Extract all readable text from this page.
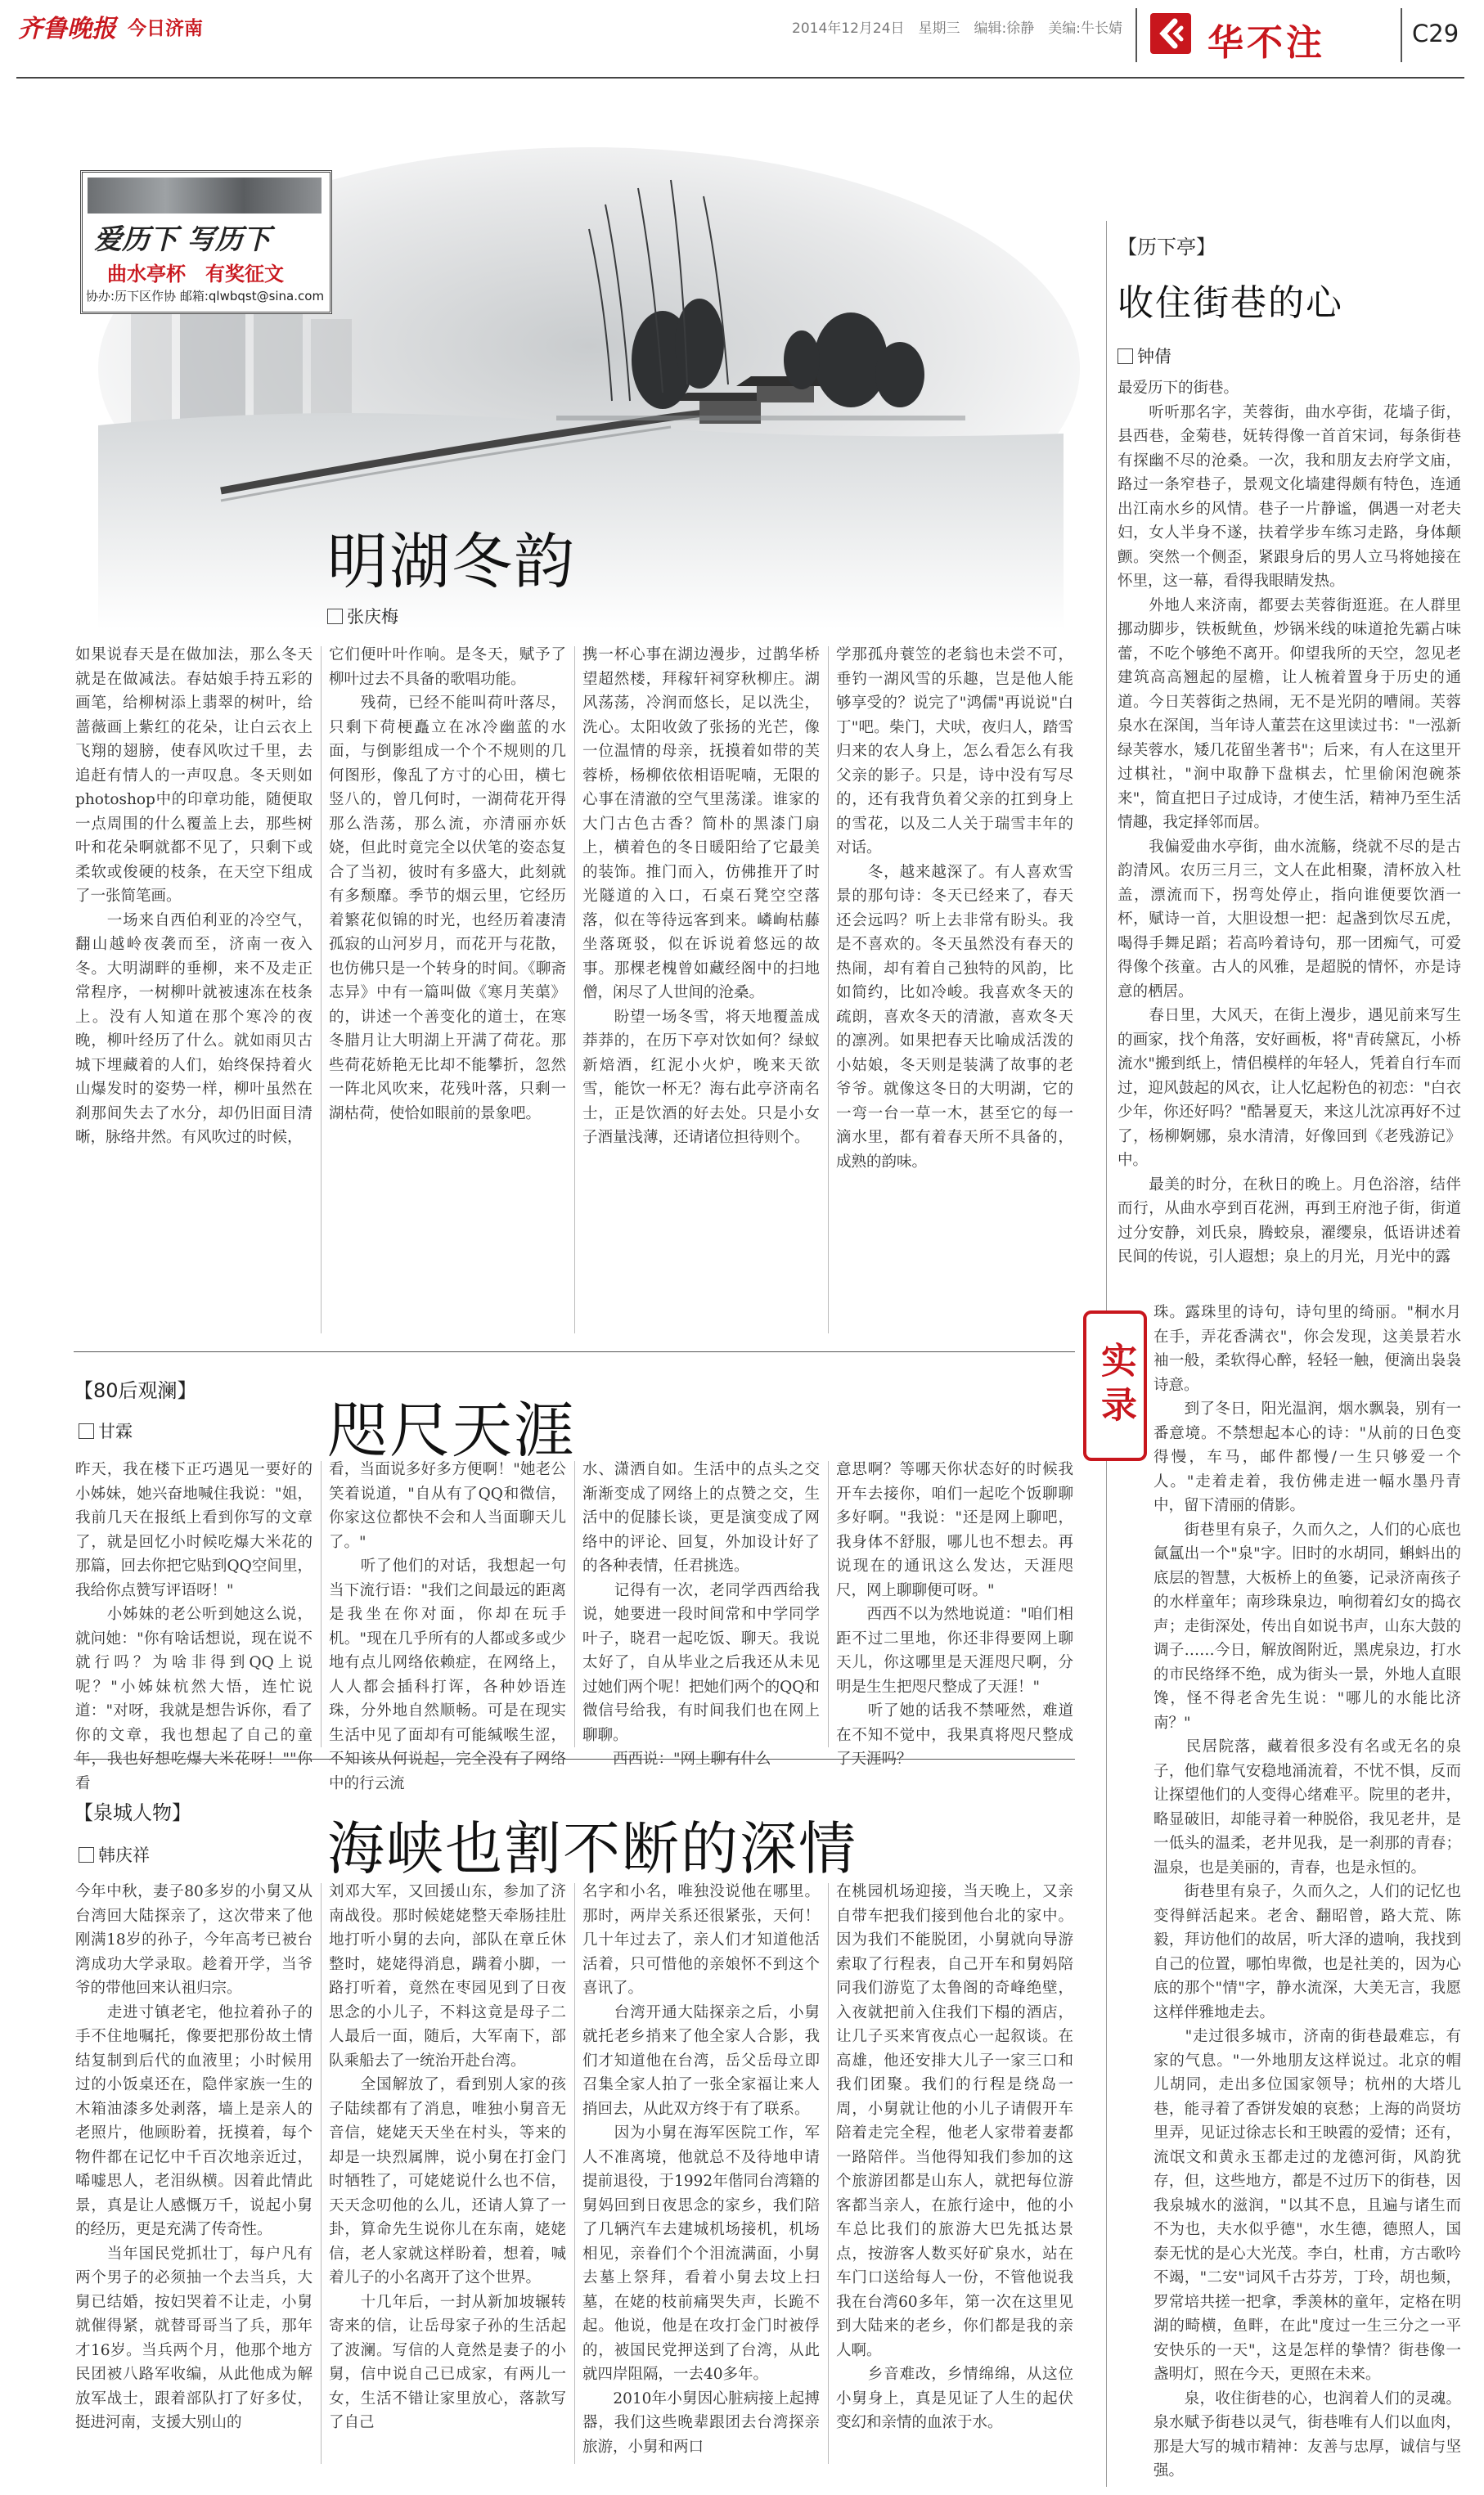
齐鲁晚报 今日济南	2014年12月24日　星期三　编辑:徐静　美编:牛长婧 华不注	C29
爱历下 写历下
曲水亭杯　有奖征文
协办:历下区作协 邮箱:qlwbqst@sina.com
明湖冬韵
张庆梅
如果说春天是在做加法，那么冬天就是在做减法。春姑娘手持五彩的画笔，给柳树添上翡翠的树叶，给蔷薇画上紫红的花朵，让白云衣上飞翔的翅膀，使春风吹过千里，去追赶有情人的一声叹息。冬天则如photoshop中的印章功能，随便取一点周围的什么覆盖上去，那些树叶和花朵啊就都不见了，只剩下或柔软或俊硬的枝条，在天空下组成了一张简笔画。
　　一场来自西伯利亚的冷空气，翻山越岭夜袭而至，济南一夜入冬。大明湖畔的垂柳，来不及走正常程序，一树柳叶就被速冻在枝条上。没有人知道在那个寒冷的夜晚，柳叶经历了什么。就如雨贝古城下埋藏着的人们，始终保持着火山爆发时的姿势一样，柳叶虽然在刹那间失去了水分，却仍旧面目清晰，脉络井然。有风吹过的时候，
它们便叶叶作响。是冬天，赋予了柳叶过去不具备的歌唱功能。
　　残荷，已经不能叫荷叶落尽，只剩下荷梗矗立在冰冷幽蓝的水面，与倒影组成一个个不规则的几何图形，像乱了方寸的心田，横七竖八的，曾几何时，一湖荷花开得那么浩荡，那么流，亦清丽亦妖娆，但此时竟完全以伏笔的姿态复合了当初，彼时有多盛大，此刻就有多颓靡。季节的烟云里，它经历着繁花似锦的时光，也经历着凄清孤寂的山河岁月，而花开与花散，也仿佛只是一个转身的时间。《聊斋志异》中有一篇叫做《寒月芙蕖》的，讲述一个善变化的道士，在寒冬腊月让大明湖上开满了荷花。那些荷花娇艳无比却不能攀折，忽然一阵北风吹来，花残叶落，只剩一湖枯荷，使恰如眼前的景象吧。
携一杯心事在湖边漫步，过鹊华桥望超然楼，拜稼轩祠穿秋柳庄。湖风荡荡，冷润而悠长，足以洗尘，洗心。太阳收敛了张扬的光芒，像一位温情的母亲，抚摸着如带的芙蓉桥，杨柳依依相语呢喃，无限的心事在清澈的空气里荡漾。谁家的大门古色古香？简朴的黑漆门扇上，横着色的冬日暖阳给了它最美的装饰。推门而入，仿佛推开了时光隧道的入口，石桌石凳空空落落，似在等待远客到来。嶙峋枯藤坐落斑驳，似在诉说着悠远的故事。那棵老槐曾如藏经阁中的扫地僧，闲尽了人世间的沧桑。
　　盼望一场冬雪，将天地覆盖成莽莽的，在历下亭对饮如何？绿蚁新焙酒，红泥小火炉，晚来天欲雪，能饮一杯无？海右此亭济南名士，正是饮酒的好去处。只是小女子酒量浅薄，还请诸位担待则个。
学那孤舟蓑笠的老翁也未尝不可，垂钓一湖风雪的乐趣，岂是他人能够享受的？说完了"鸿儒"再说说"白丁"吧。柴门，犬吠，夜归人，踏雪归来的农人身上，怎么看怎么有我父亲的影子。只是，诗中没有写尽的，还有我背负着父亲的扛到身上的雪花，以及二人关于瑞雪丰年的对话。
　　冬，越来越深了。有人喜欢雪景的那句诗：冬天已经来了，春天还会远吗？听上去非常有盼头。我是不喜欢的。冬天虽然没有春天的热闹，却有着自己独特的风韵，比如简约，比如冷峻。我喜欢冬天的疏朗，喜欢冬天的清澈，喜欢冬天的凛冽。如果把春天比喻成活泼的小姑娘，冬天则是装满了故事的老爷爷。就像这冬日的大明湖，它的一弯一台一草一木，甚至它的每一滴水里，都有着春天所不具备的，成熟的韵味。
【80后观澜】
咫尺天涯
甘霖
昨天，我在楼下正巧遇见一要好的小姊妹，她兴奋地喊住我说："姐，我前几天在报纸上看到你写的文章了，就是回忆小时候吃爆大米花的那篇，回去你把它贴到QQ空间里，我给你点赞写评语呀！"
　　小姊妹的老公听到她这么说，就问她："你有啥话想说，现在说不就行吗？为啥非得到QQ上说呢？"小姊妹杭然大悟，连忙说道："对呀，我就是想告诉你，看了你的文章，我也想起了自己的童年，我也好想吃爆大米花呀！""你看
看，当面说多好多方便啊！"她老公笑着说道，"自从有了QQ和微信，你家这位都快不会和人当面聊天儿了。"
　　听了他们的对话，我想起一句当下流行语："我们之间最远的距离是我坐在你对面，你却在玩手机。"现在几乎所有的人都或多或少地有点儿网络依赖症，在网络上，人人都会插科打诨，各种妙语连珠，分外地自然顺畅。可是在现实生活中见了面却有可能缄喉生涩，不知该从何说起，完全没有了网络中的行云流
水、潇洒自如。生活中的点头之交渐渐变成了网络上的点赞之交，生活中的促膝长谈，更是演变成了网络中的评论、回复，外加设计好了的各种表情，任君挑选。
　　记得有一次，老同学西西给我说，她要进一段时间常和中学同学叶子，晓君一起吃饭、聊天。我说太好了，自从毕业之后我还从未见过她们两个呢！把她们两个的QQ和微信号给我，有时间我们也在网上聊聊。
　　西西说："网上聊有什么
意思啊？等哪天你状态好的时候我开车去接你，咱们一起吃个饭聊聊多好啊。"我说："还是网上聊吧，我身体不舒服，哪儿也不想去。再说现在的通讯这么发达，天涯咫尺，网上聊聊便可呀。"
　　西西不以为然地说道："咱们相距不过二里地，你还非得要网上聊天儿，你这哪里是天涯咫尺啊，分明是生生把咫尺整成了天涯！"
　　听了她的话我不禁哑然，难道在不知不觉中，我果真将咫尺整成了天涯吗？
【泉城人物】
海峡也割不断的深情
韩庆祥
今年中秋，妻子80多岁的小舅又从台湾回大陆探亲了，这次带来了他刚满18岁的孙子，今年高考已被台湾成功大学录取。趁着开学，当爷爷的带他回来认祖归宗。
　　走进寸镇老宅，他拉着孙子的手不住地嘱托，像要把那份故土情结复制到后代的血液里；小时候用过的小饭桌还在，隐伴家族一生的木箱油漆多处剥落，墙上是亲人的老照片，他顾盼着，抚摸着，每个物件都在记忆中千百次地亲近过，唏嘘思人，老泪纵横。因着此情此景，真是让人感慨万千，说起小舅的经历，更是充满了传奇性。
　　当年国民党抓壮丁，每户凡有两个男子的必须抽一个去当兵，大舅已结婚，按妇哭着不让走，小舅就催得紧，就替哥哥当了兵，那年才16岁。当兵两个月，他那个地方民团被八路军收编，从此他成为解放军战士，跟着部队打了好多仗，挺进河南，支援大别山的
刘邓大军，又回援山东，参加了济南战役。那时候姥姥整天牵肠挂肚地打听小舅的去向，部队在章丘休整时，姥姥得消息，蹒着小脚，一路打听着，竟然在枣园见到了日夜思念的小儿子，不料这竟是母子二人最后一面，随后，大军南下，部队乘船去了一统治开赴台湾。
　　全国解放了，看到别人家的孩子陆续都有了消息，唯独小舅音无音信，姥姥天天坐在村头，等来的却是一块烈属牌，说小舅在打金门时牺牲了，可姥姥说什么也不信，天天念叨他的么儿，还请人算了一卦，算命先生说你儿在东南，姥姥信，老人家就这样盼着，想着，喊着儿子的小名离开了这个世界。
　　十几年后，一封从新加坡辗转寄来的信，让岳母家子孙的生活起了波澜。写信的人竟然是妻子的小舅，信中说自己已成家，有两儿一女，生活不错让家里放心，落款写了自己
名字和小名，唯独没说他在哪里。那时，两岸关系还很紧张，天何！几十年过去了，亲人们才知道他活活着，只可惜他的亲娘怀不到这个喜讯了。
　　台湾开通大陆探亲之后，小舅就托老乡捎来了他全家人合影，我们才知道他在台湾，岳父岳母立即召集全家人拍了一张全家福让来人捎回去，从此双方终于有了联系。
　　因为小舅在海军医院工作，军人不准离境，他就总不及待地申请提前退役，于1992年偕同台湾籍的舅妈回到日夜思念的家乡，我们陪了几辆汽车去建城机场接机，机场相见，亲眷们个个泪流满面，小舅去墓上祭拜，看着小舅去坟上扫墓，在姥的枝前痛哭失声，长跪不起。他说，他是在攻打金门时被俘的，被国民党押送到了台湾，从此就四岸阻隔，一去40多年。
　　2010年小舅因心脏病接上起搏器，我们这些晚辈跟团去台湾探亲旅游，小舅和两口
在桃园机场迎接，当天晚上，又亲自带车把我们接到他台北的家中。因为我们不能脱团，小舅就向导游索取了行程表，自己开车和舅妈陪同我们游览了太鲁阁的奇峰绝壁，入夜就把前入住我们下榻的酒店，让几子买来宵夜点心一起叙谈。在高雄，他还安排大儿子一家三口和我们团聚。我们的行程是绕岛一周，小舅就让他的小儿子请假开车陪着走完全程，他老人家带着妻都一路陪伴。当他得知我们参加的这个旅游团都是山东人，就把每位游客都当亲人，在旅行途中，他的小车总比我们的旅游大巴先抵达景点，按游客人数买好矿泉水，站在车门口送给每人一份，不管他说我我在台湾60多年，第一次在这里见到大陆来的老乡，你们都是我的亲人啊。
　　乡音难改，乡情绵绵，从这位小舅身上，真是见证了人生的起伏变幻和亲情的血浓于水。
【历下亭】
收住街巷的心
钟倩
最爱历下的街巷。
　　听听那名字，芙蓉街，曲水亭街，花墙子街，县西巷，金菊巷，妩转得像一首首宋词，每条街巷有探幽不尽的沧桑。一次，我和朋友去府学文庙，路过一条窄巷子，景观文化墙建得颇有特色，连通出江南水乡的风情。巷子一片静谧，偶遇一对老夫妇，女人半身不遂，扶着学步车练习走路，身体颠颤。突然一个侧歪，紧跟身后的男人立马将她接在怀里，这一幕，看得我眼睛发热。
　　外地人来济南，都要去芙蓉街逛逛。在人群里挪动脚步，铁板鱿鱼，炒锅米线的味道抢先霸占味蕾，不吃个够绝不离开。仰望我所的天空，忽见老建筑高高翘起的屋檐，让人梳着置身于历史的通道。今日芙蓉街之热闹，无不是光阴的嘈闹。芙蓉泉水在深闺，当年诗人董芸在这里读过书："一泓新绿芙蓉水，矮几花留坐著书"；后来，有人在这里开过棋社，"涧中取静下盘棋去，忙里偷闲泡碗茶来"，简直把日子过成诗，才使生活，精神乃至生活情趣，我定择邻而居。
　　我偏爱曲水亭街，曲水流觞，绕就不尽的是古韵清风。农历三月三，文人在此相聚，清杯放入杜盖，漂流而下，拐弯处停止，指向谁便要饮酒一杯，赋诗一首，大胆设想一把：起盏到饮尽五虎，喝得手舞足蹈；若高吟着诗句，那一团痴气，可爱得像个孩童。古人的风雅，是超脱的情怀，亦是诗意的栖居。
　　春日里，大风天，在街上漫步，遇见前来写生的画家，找个角落，安好画板，将"青砖黛瓦，小桥流水"搬到纸上，情侣模样的年轻人，凭着自行车而过，迎风鼓起的风衣，让人忆起粉色的初恋："白衣少年，你还好吗？"酷暑夏天，来这儿沈凉再好不过了，杨柳婀娜，泉水清清，好像回到《老残游记》中。
　　最美的时分，在秋日的晚上。月色浴溶，结伴而行，从曲水亭到百花洲，再到王府池子街，街道过分安静，刘氏泉，腾蛟泉，濯缨泉，低语讲述着民间的传说，引人遐想；泉上的月光，月光中的露
实录
珠。露珠里的诗句，诗句里的绮丽。"桐水月在手，弄花香满衣"，你会发现，这美景若水袖一般，柔软得心醉，轻轻一触，便滴出袅袅诗意。
　　到了冬日，阳光温润，烟水飘袅，别有一番意境。不禁想起本心的诗："从前的日色变得慢，车马，邮件都慢/一生只够爱一个人。"走着走着，我仿佛走进一幅水墨丹青中，留下清丽的倩影。
　　街巷里有泉子，久而久之，人们的心底也氤氲出一个"泉"字。旧时的水胡同，蝌蚪出的底层的智慧，大板桥上的鱼篓，记录济南孩子的水样童年；南珍珠泉边，响彻着幻女的捣衣声；走街深处，传出自如说书声，山东大鼓的调子……今日，解放阁附近，黑虎泉边，打水的市民络绎不绝，成为街头一景，外地人直眼馋，怪不得老舍先生说："哪儿的水能比济南？"
　　民居院落，藏着很多没有名或无名的泉子，他们靠气安稳地涌流着，不忧不惧，反而让探望他们的人变得心绪难平。院里的老井，略显破旧，却能寻着一种脱俗，我见老井，是一低头的温柔，老井见我，是一刹那的青春；温泉，也是美丽的，青春，也是永恒的。
　　街巷里有泉子，久而久之，人们的记忆也变得鲜活起来。老舍、翻昭曾，路大荒、陈毅，拜访他们的故居，听大泽的遗响，我找到自己的位置，哪怕卑微，也是社美的，因为心底的那个"情"字，静水流深，大美无言，我愿这样伴雅地走去。
　　"走过很多城市，济南的街巷最难忘，有家的气息。"一外地朋友这样说过。北京的帽儿胡同，走出多位国家领导；杭州的大塔儿巷，能寻着了香饼发娘的哀愁；上海的尚贤坊里弄，见证过徐志长和王映霞的爱情；还有，流氓文和黄永玉都走过的龙德河街，风韵犹存，但，这些地方，都是不过历下的街巷，因我泉城水的滋润，"以其不息，且遍与诸生而不为也，夫水似乎德"，水生德，德照人，国泰无忧的是心大光茂。李白，杜甫，方古歌吟不竭，"二安"词风千古芬芳，丁玲，胡也频，罗常培共搓一把拿，季羡林的童年，定格在明湖的畸横，鱼畔，在此"度过一生三分之一平安快乐的一天"，这是怎样的挚情？街巷像一盏明灯，照在今天，更照在未来。
　　泉，收住街巷的心，也润着人们的灵魂。泉水赋予街巷以灵气，街巷唯有人们以血肉，那是大写的城市精神：友善与忠厚，诚信与坚强。
